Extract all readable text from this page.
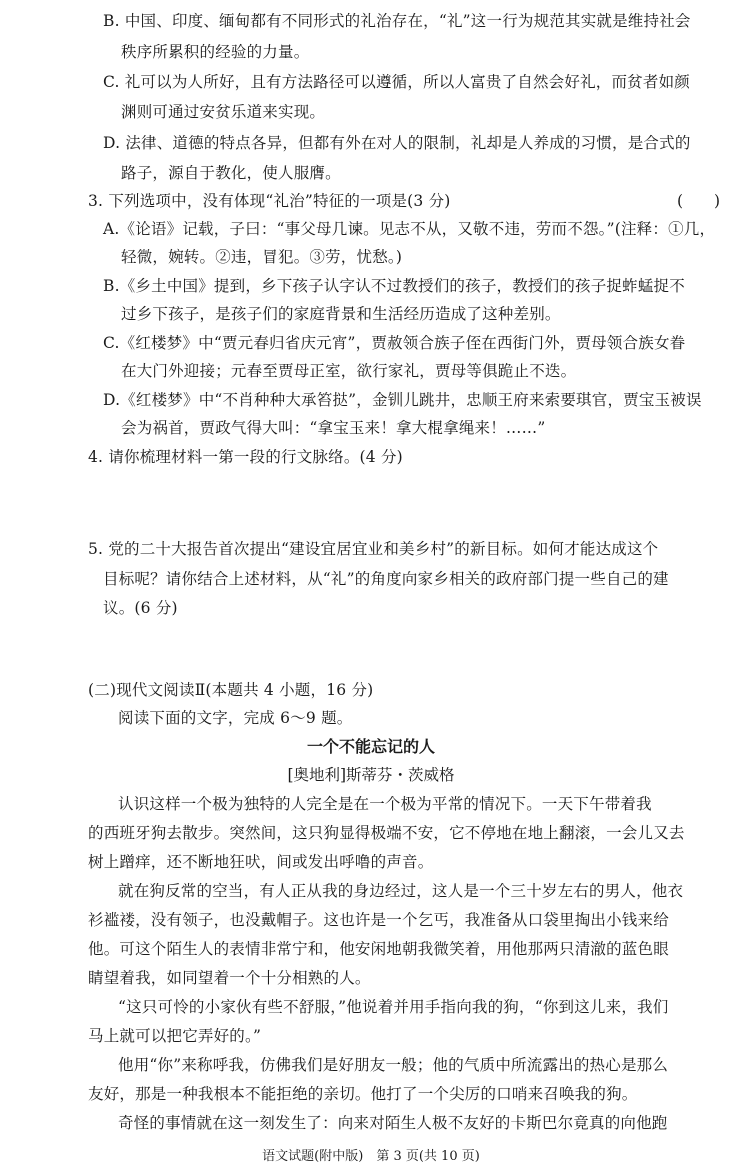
B. 中国、印度、缅甸都有不同形式的礼治存在，“礼”这一行为规范其实就是维持社会
秩序所累积的经验的力量。
C. 礼可以为人所好，且有方法路径可以遵循，所以人富贵了自然会好礼，而贫者如颜
渊则可通过安贫乐道来实现。
D. 法律、道德的特点各异，但都有外在对人的限制，礼却是人养成的习惯，是合式的
路子，源自于教化，使人服膺。
3. 下列选项中，没有体现“礼治”特征的一项是(3 分)	(　　)
A.《论语》记载，子曰：“事父母几谏。见志不从，又敬不违，劳而不怨。”(注释：①几，
轻微，婉转。②违，冒犯。③劳，忧愁。)
B.《乡土中国》提到，乡下孩子认字认不过教授们的孩子，教授们的孩子捉蚱蜢捉不
过乡下孩子，是孩子们的家庭背景和生活经历造成了这种差别。
C.《红楼梦》中“贾元春归省庆元宵”，贾赦领合族子侄在西街门外，贾母领合族女眷
在大门外迎接；元春至贾母正室，欲行家礼，贾母等俱跪止不迭。
D.《红楼梦》中“不肖种种大承笞挞”，金钏儿跳井，忠顺王府来索要琪官，贾宝玉被误
会为祸首，贾政气得大叫：“拿宝玉来！拿大棍拿绳来！……”
4. 请你梳理材料一第一段的行文脉络。(4 分)
5. 党的二十大报告首次提出“建设宜居宜业和美乡村”的新目标。如何才能达成这个
目标呢？请你结合上述材料，从“礼”的角度向家乡相关的政府部门提一些自己的建
议。(6 分)
(二)现代文阅读Ⅱ(本题共 4 小题，16 分)
阅读下面的文字，完成 6～9 题。
一个不能忘记的人
[奥地利]斯蒂芬・茨威格
认识这样一个极为独特的人完全是在一个极为平常的情况下。一天下午带着我
的西班牙狗去散步。突然间，这只狗显得极端不安，它不停地在地上翻滚，一会儿又去
树上蹭痒，还不断地狂吠，间或发出呼噜的声音。
就在狗反常的空当，有人正从我的身边经过，这人是一个三十岁左右的男人，他衣
衫褴褛，没有领子，也没戴帽子。这也许是一个乞丐，我准备从口袋里掏出小钱来给
他。可这个陌生人的表情非常宁和，他安闲地朝我微笑着，用他那两只清澈的蓝色眼
睛望着我，如同望着一个十分相熟的人。
“这只可怜的小家伙有些不舒服，”他说着并用手指向我的狗，“你到这儿来，我们
马上就可以把它弄好的。”
他用“你”来称呼我，仿佛我们是好朋友一般；他的气质中所流露出的热心是那么
友好，那是一种我根本不能拒绝的亲切。他打了一个尖厉的口哨来召唤我的狗。
奇怪的事情就在这一刻发生了：向来对陌生人极不友好的卡斯巴尔竟真的向他跑
语文试题(附中版)　第 3 页(共 10 页)
